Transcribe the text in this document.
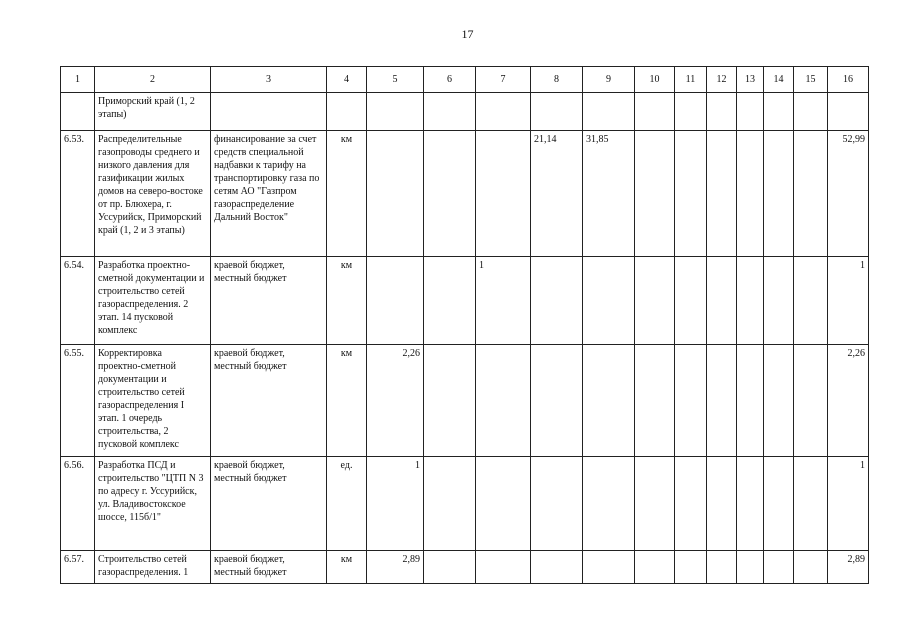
17
1	2	3	4	5	6	7	8	9	10	11	12	13	14	15	16
	Приморский край (1, 2 этапы)														
6.53.	Распределительные газопроводы среднего и низкого давления для газификации жилых домов на северо-востоке от пр. Блюхера, г. Уссурийск, Приморский край (1, 2 и 3 этапы)	финансирование за счет средств специальной надбавки к тарифу на транспортировку газа по сетям АО "Газпром газораспределение Дальний Восток"	км				21,14	31,85							52,99
6.54.	Разработка проектно-сметной документации и строительство сетей газораспределения. 2 этап. 14 пусковой комплекс	краевой бюджет, местный бюджет	км			1									1
6.55.	Корректировка проектно-сметной документации и строительство сетей газораспределения I этап. 1 очередь строительства, 2 пусковой комплекс	краевой бюджет, местный бюджет	км	2,26											2,26
6.56.	Разработка ПСД и строительство "ЦТП N 3 по адресу г. Уссурийск, ул. Владивостокское шоссе, 115б/1"	краевой бюджет, местный бюджет	ед.	1											1
6.57.	Строительство сетей газораспределения. 1	краевой бюджет, местный бюджет	км	2,89											2,89
